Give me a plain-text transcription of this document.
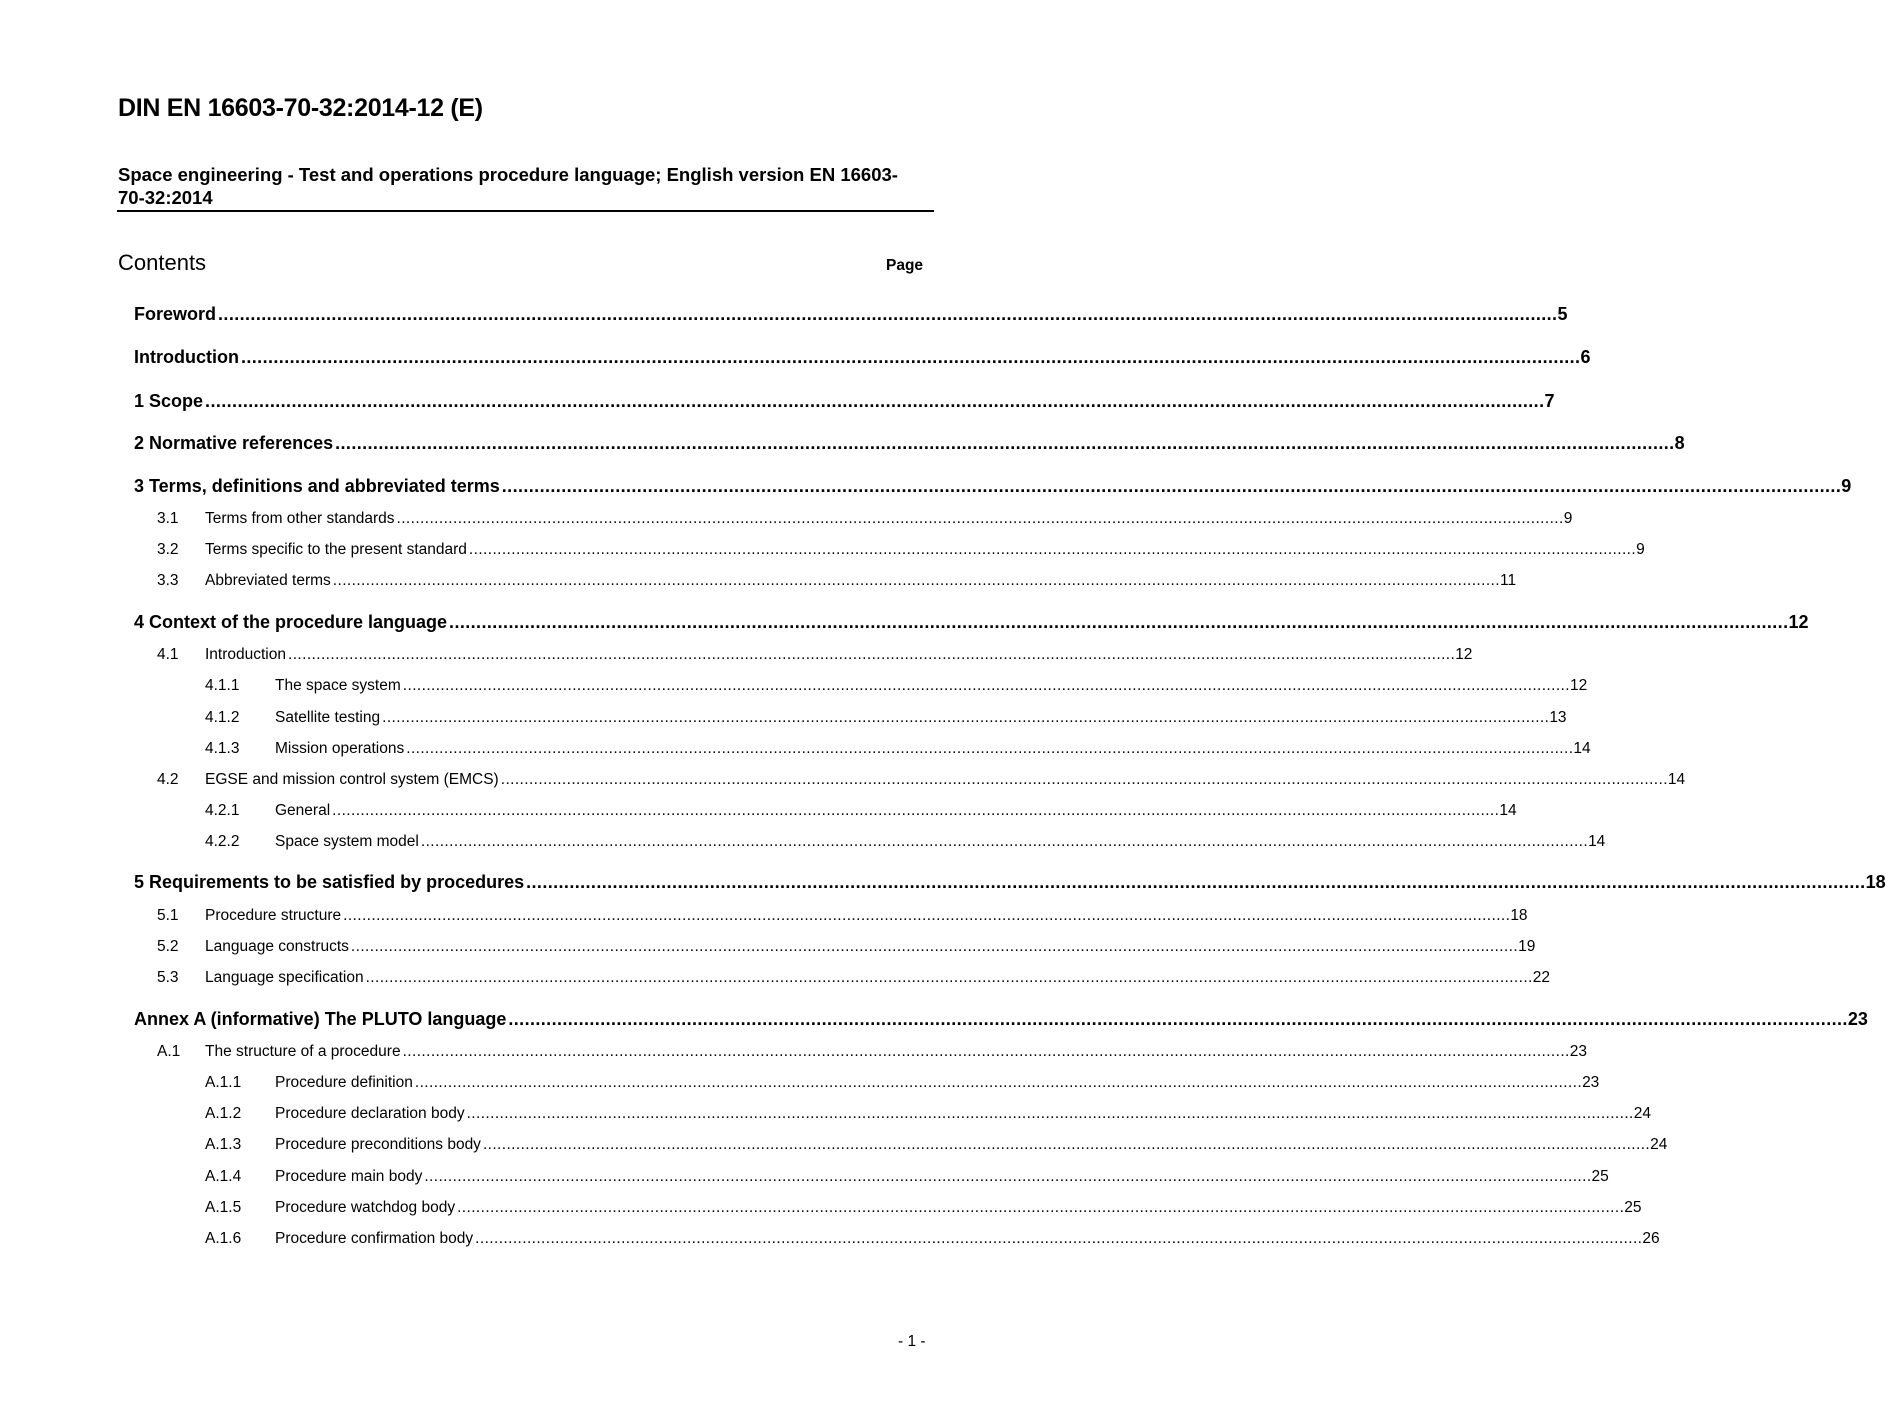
DIN EN 16603-70-32:2014-12 (E)
Space engineering - Test and operations procedure language; English version EN 16603-70-32:2014
Contents	Page
Foreword ........................................................................................................................................................................................................................................................ 5
Introduction ........................................................................................................................................................................................................................................................ 6
1 Scope ........................................................................................................................................................................................................................................................ 7
2 Normative references ........................................................................................................................................................................................................................................................ 8
3 Terms, definitions and abbreviated terms ........................................................................................................................................................................................................................................................ 9
3.1	Terms from other standards ........................................................................................................................................................................................................................................................ 9
3.2	Terms specific to the present standard ........................................................................................................................................................................................................................................................ 9
3.3	Abbreviated terms ........................................................................................................................................................................................................................................................ 11
4 Context of the procedure language ........................................................................................................................................................................................................................................................ 12
4.1	Introduction ........................................................................................................................................................................................................................................................ 12
4.1.1	The space system ........................................................................................................................................................................................................................................................ 12
4.1.2	Satellite testing ........................................................................................................................................................................................................................................................ 13
4.1.3	Mission operations ........................................................................................................................................................................................................................................................ 14
4.2	EGSE and mission control system (EMCS) ........................................................................................................................................................................................................................................................ 14
4.2.1	General ........................................................................................................................................................................................................................................................ 14
4.2.2	Space system model ........................................................................................................................................................................................................................................................ 14
5 Requirements to be satisfied by procedures ........................................................................................................................................................................................................................................................ 18
5.1	Procedure structure ........................................................................................................................................................................................................................................................ 18
5.2	Language constructs ........................................................................................................................................................................................................................................................ 19
5.3	Language specification ........................................................................................................................................................................................................................................................ 22
Annex A (informative) The PLUTO language ........................................................................................................................................................................................................................................................ 23
A.1	The structure of a procedure ........................................................................................................................................................................................................................................................ 23
A.1.1	Procedure definition ........................................................................................................................................................................................................................................................ 23
A.1.2	Procedure declaration body ........................................................................................................................................................................................................................................................ 24
A.1.3	Procedure preconditions body ........................................................................................................................................................................................................................................................ 24
A.1.4	Procedure main body ........................................................................................................................................................................................................................................................ 25
A.1.5	Procedure watchdog body ........................................................................................................................................................................................................................................................ 25
A.1.6	Procedure confirmation body ........................................................................................................................................................................................................................................................ 26
- 1 -
